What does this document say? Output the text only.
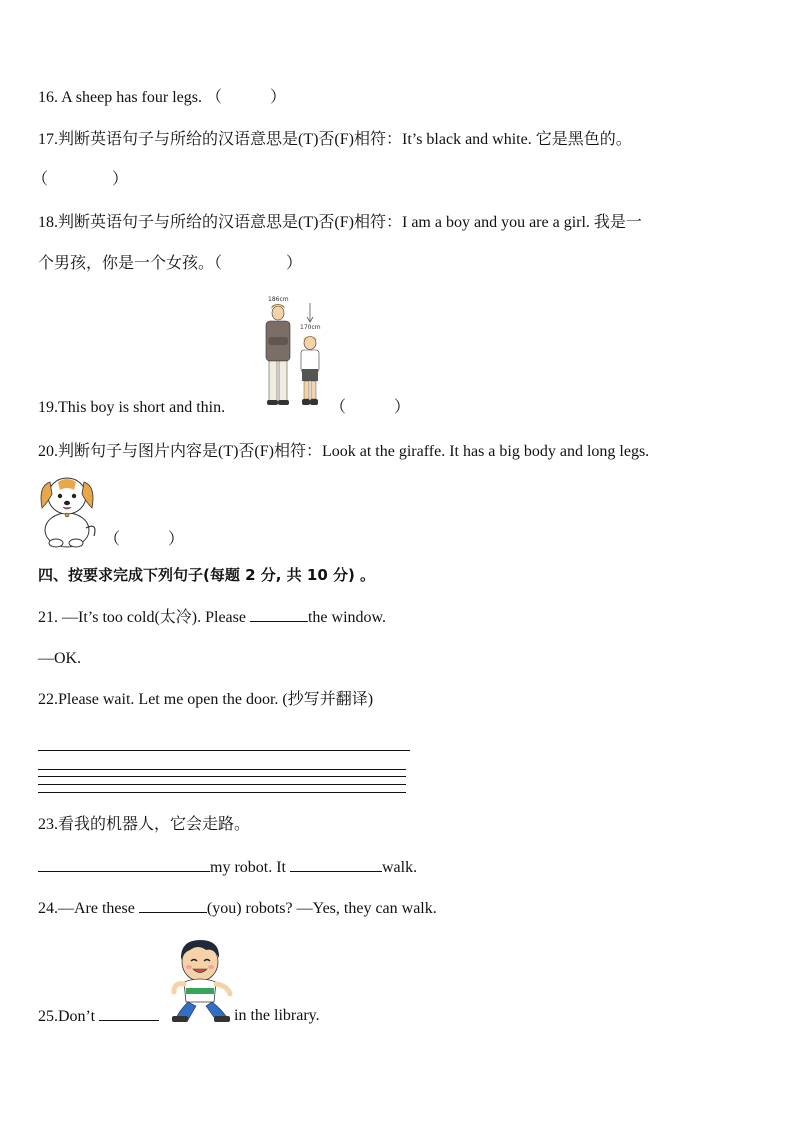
16. A sheep has four legs. （　　　）
17.判断英语句子与所给的汉语意思是(T)否(F)相符：It’s black and white. 它是黑色的。
（　　　　）
18.判断英语句子与所给的汉语意思是(T)否(F)相符：I am a boy and you are a girl. 我是一
个男孩，你是一个女孩。（　　　　）
186cm
170cm
19.This boy is short and thin.	（　　　）
20.判断句子与图片内容是(T)否(F)相符：Look at the giraffe. It has a big body and long legs.
（　　　）
四、按要求完成下列句子(每题 2 分, 共 10 分) 。
21. —It’s too cold(太冷). Please	the window.
—OK.
22.Please wait. Let me open the door. (抄写并翻译)
23.看我的机器人，它会走路。
my robot. It	walk.
24.—Are these	(you) robots? —Yes, they can walk.
25.Don’t	in the library.
